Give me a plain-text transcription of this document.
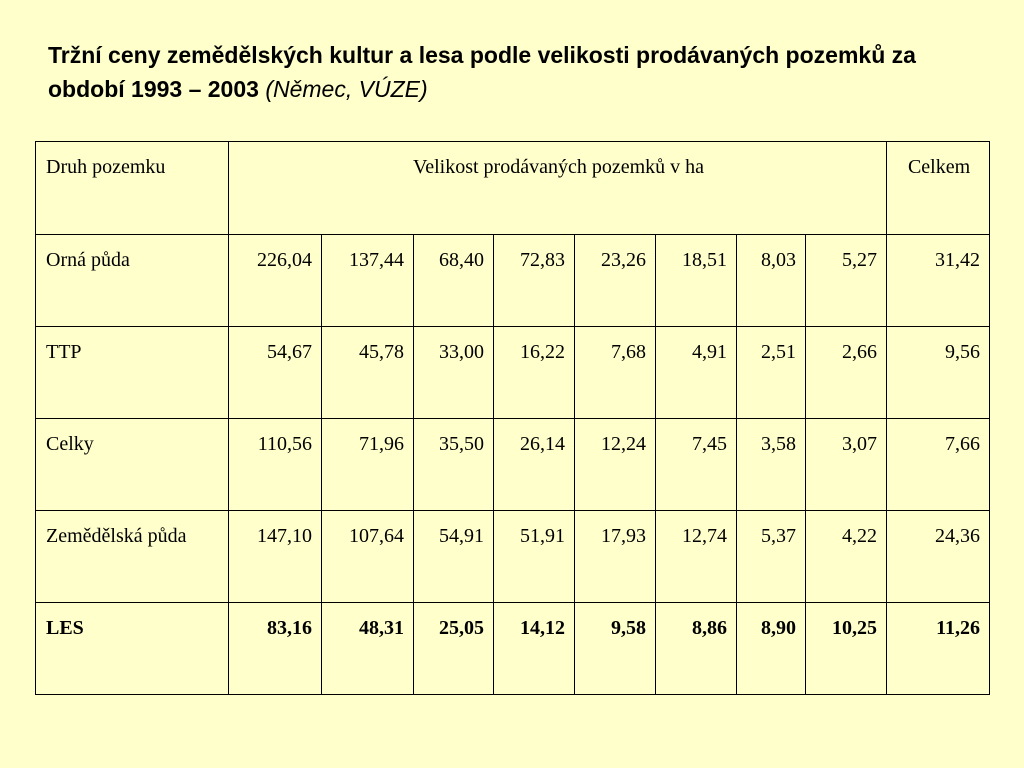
Tržní ceny zemědělských kultur a lesa podle velikosti prodávaných pozemků za období 1993 – 2003 (Němec, VÚZE)
Druh pozemku	Velikost prodávaných pozemků v ha								Celkem
Orná půda	226,04	137,44	68,40	72,83	23,26	18,51	8,03	5,27	31,42
TTP	54,67	45,78	33,00	16,22	7,68	4,91	2,51	2,66	9,56
Celky	110,56	71,96	35,50	26,14	12,24	7,45	3,58	3,07	7,66
Zemědělská půda	147,10	107,64	54,91	51,91	17,93	12,74	5,37	4,22	24,36
LES	83,16	48,31	25,05	14,12	9,58	8,86	8,90	10,25	11,26
